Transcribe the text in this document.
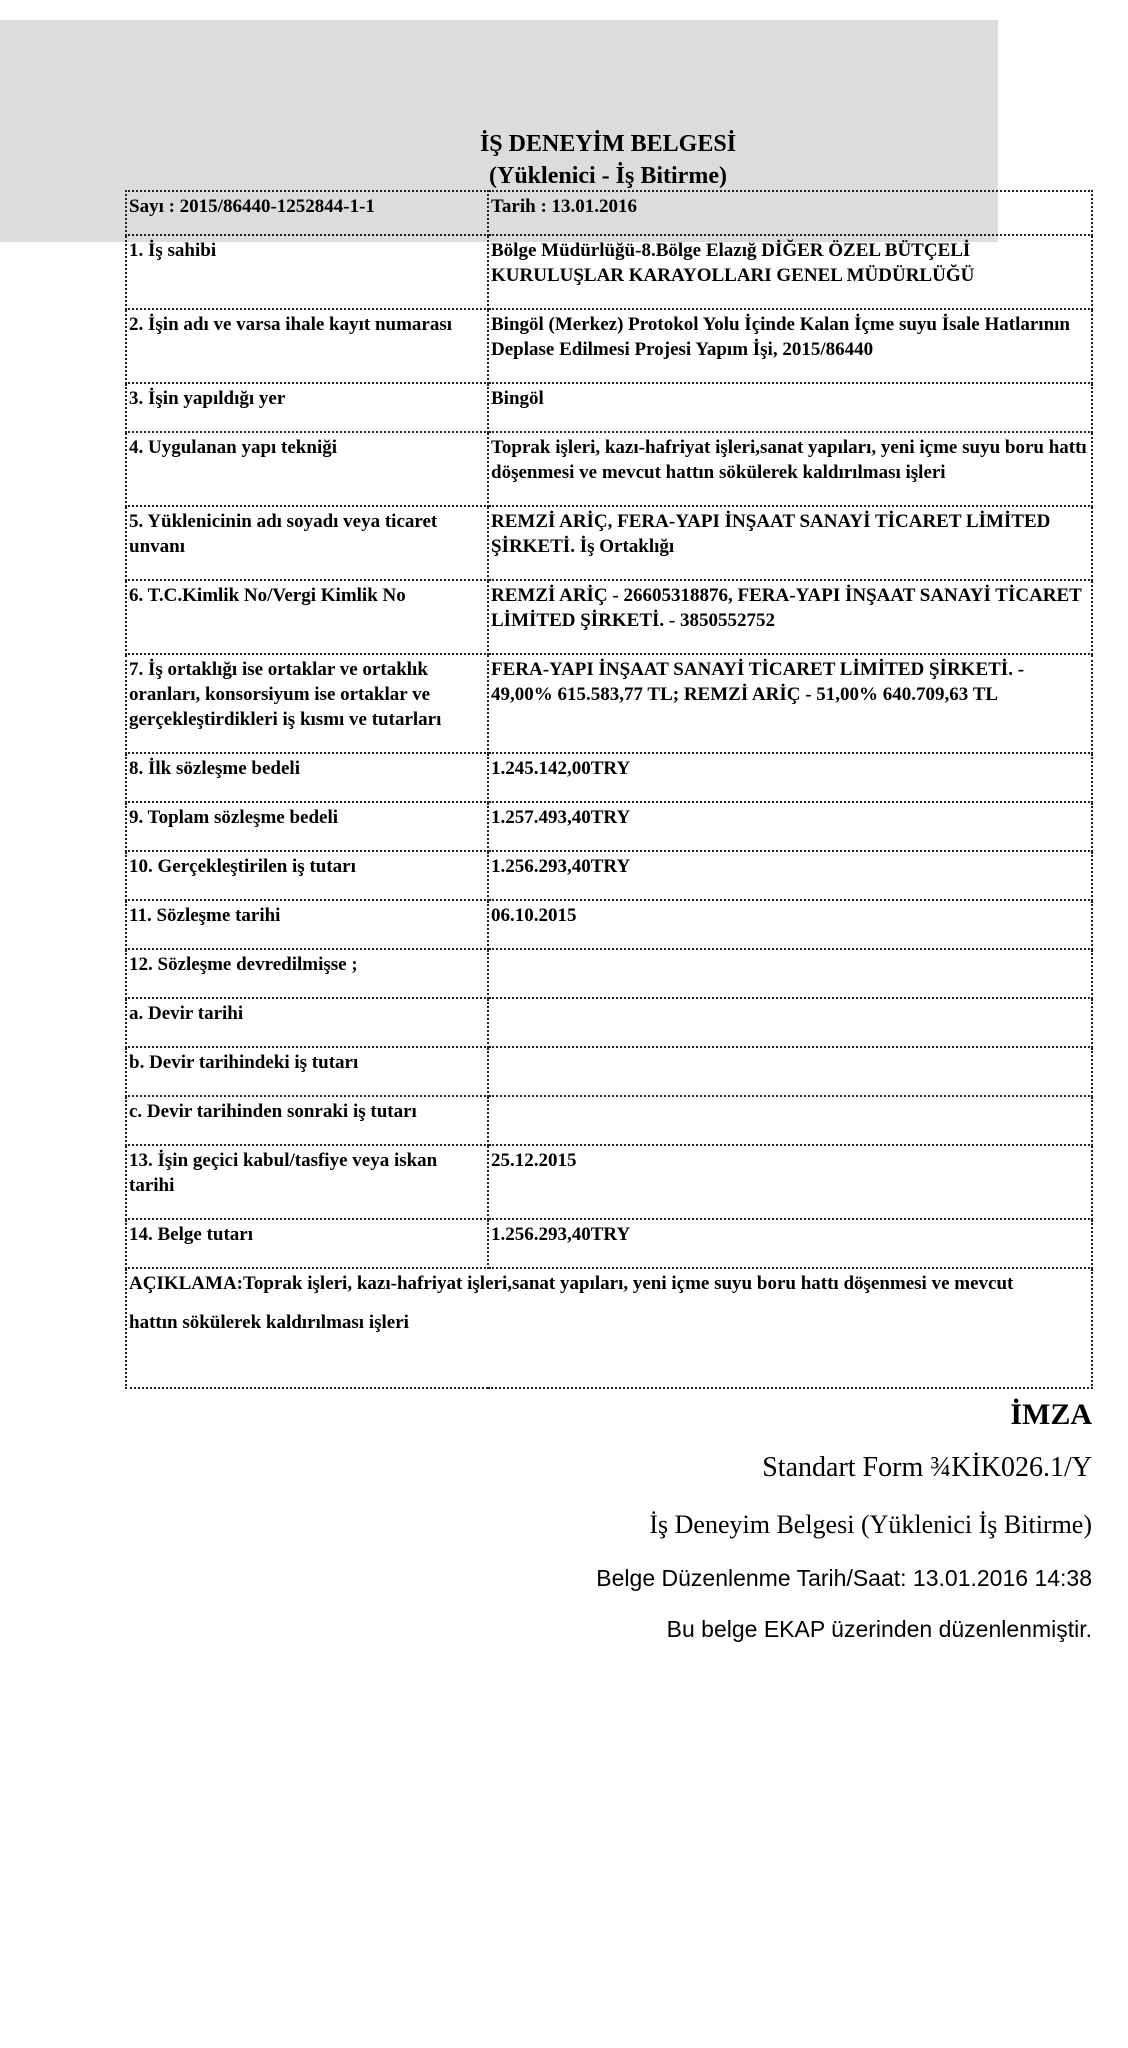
İŞ DENEYİM BELGESİ
(Yüklenici - İş Bitirme)
Sayı : 2015/86440-1252844-1-1	Tarih : 13.01.2016
1. İş sahibi	Bölge Müdürlüğü-8.Bölge Elazığ DİĞER ÖZEL BÜTÇELİ KURULUŞLAR KARAYOLLARI GENEL MÜDÜRLÜĞÜ
2. İşin adı ve varsa ihale kayıt numarası	Bingöl (Merkez) Protokol Yolu İçinde Kalan İçme suyu İsale Hatlarının Deplase Edilmesi Projesi Yapım İşi, 2015/86440
3. İşin yapıldığı yer	Bingöl
4. Uygulanan yapı tekniği	Toprak işleri, kazı-hafriyat işleri,sanat yapıları, yeni içme suyu boru hattı döşenmesi ve mevcut hattın sökülerek kaldırılması işleri
5. Yüklenicinin adı soyadı veya ticaret unvanı	REMZİ ARİÇ, FERA-YAPI İNŞAAT SANAYİ TİCARET LİMİTED ŞİRKETİ. İş Ortaklığı
6. T.C.Kimlik No/Vergi Kimlik No	REMZİ ARİÇ - 26605318876, FERA-YAPI İNŞAAT SANAYİ TİCARET LİMİTED ŞİRKETİ. - 3850552752
7. İş ortaklığı ise ortaklar ve ortaklık oranları, konsorsiyum ise ortaklar ve gerçekleştirdikleri iş kısmı ve tutarları	FERA-YAPI İNŞAAT SANAYİ TİCARET LİMİTED ŞİRKETİ. - 49,00% 615.583,77 TL; REMZİ ARİÇ - 51,00% 640.709,63 TL
8. İlk sözleşme bedeli	1.245.142,00TRY
9. Toplam sözleşme bedeli	1.257.493,40TRY
10. Gerçekleştirilen iş tutarı	1.256.293,40TRY
11. Sözleşme tarihi	06.10.2015
12. Sözleşme devredilmişse ;	
a. Devir tarihi	
b. Devir tarihindeki iş tutarı	
c. Devir tarihinden sonraki iş tutarı	
13. İşin geçici kabul/tasfiye veya iskan tarihi	25.12.2015
14. Belge tutarı	1.256.293,40TRY

AÇIKLAMA:Toprak işleri, kazı-hafriyat işleri,sanat yapıları, yeni içme suyu boru hattı döşenmesi ve mevcut
hattın sökülerek kaldırılması işleri	
İMZA
Standart Form ¾KİK026.1/Y
İş Deneyim Belgesi (Yüklenici İş Bitirme)
Belge Düzenlenme Tarih/Saat: 13.01.2016 14:38
Bu belge EKAP üzerinden düzenlenmiştir.
